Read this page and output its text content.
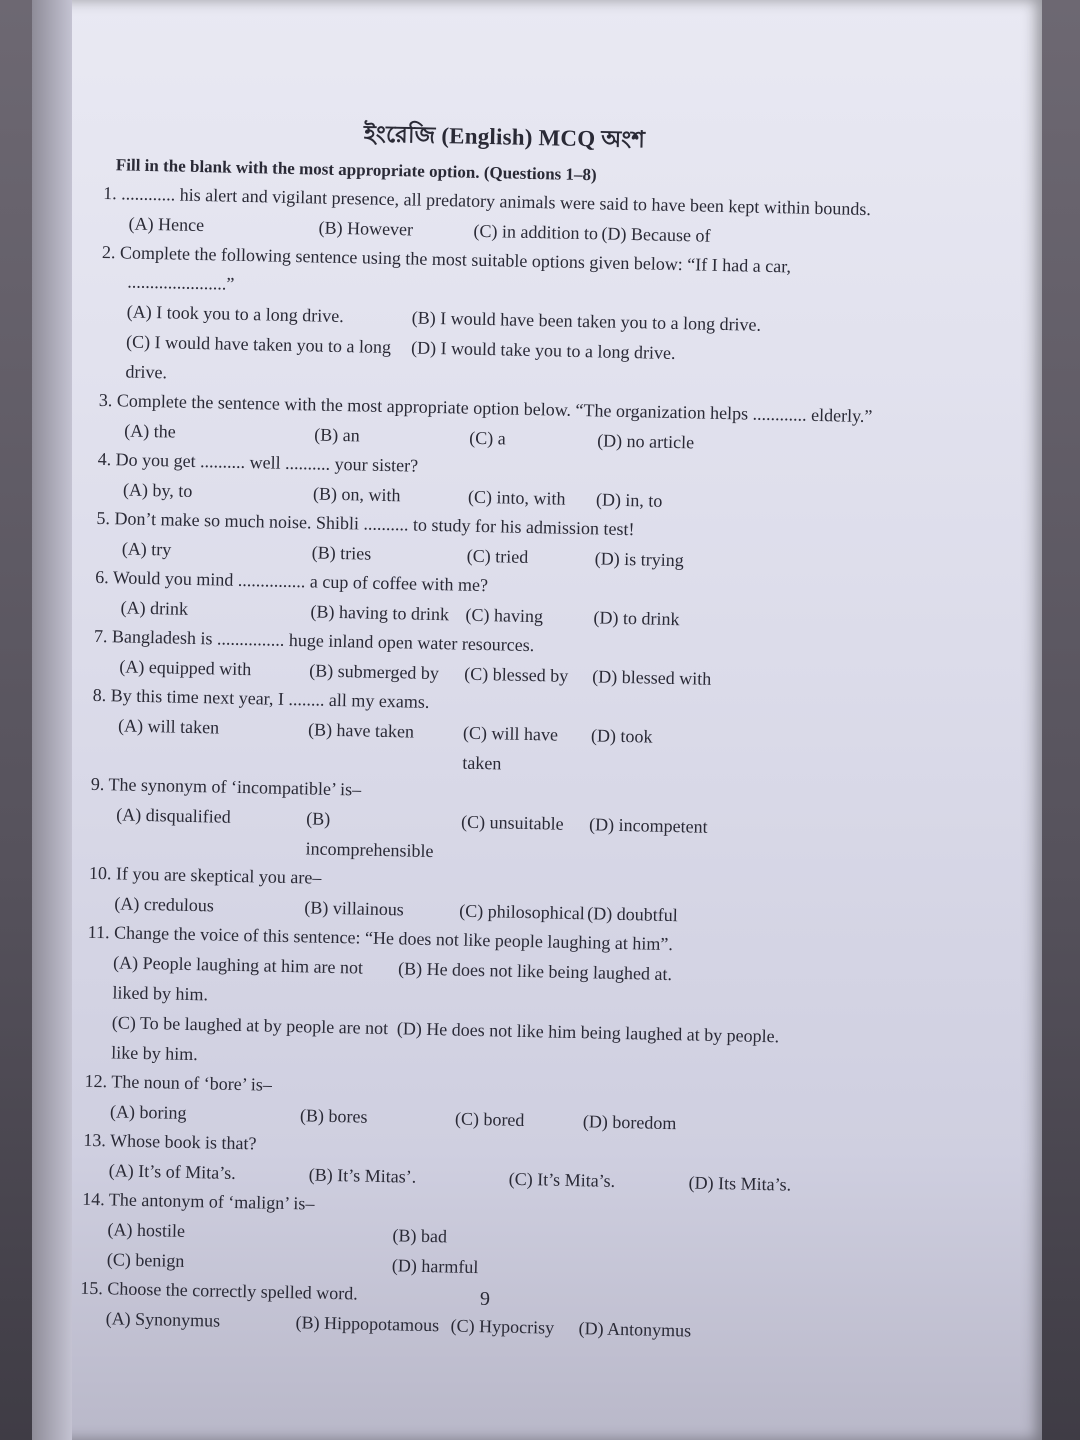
ইংরেজি (English) MCQ অংশ

Fill in the blank with the most appropriate option. (Questions 1–8)

1. ............ his alert and vigilant presence, all predatory animals were said to have been kept within bounds.
(A) Hence	(B) However	(C) in addition to (D) Because of
2. Complete the following sentence using the most suitable options given below: “If I had a car, ......................”
(A) I took you to a long drive.	(B) I would have been taken you to a long drive.
(C) I would have taken you to a long drive.
(D) I would take you to a long drive.
3. Complete the sentence with the most appropriate option below. “The organization helps ............ elderly.”
(A) the	(B) an	(C) a	(D) no article
4. Do you get .......... well .......... your sister?
(A) by, to	(B) on, with	(C) into, with	(D) in, to
5. Don’t make so much noise. Shibli .......... to study for his admission test!
(A) try	(B) tries	(C) tried	(D) is trying
6. Would you mind ............... a cup of coffee with me?
(A) drink	(B) having to drink (C) having	(D) to drink
7. Bangladesh is ............... huge inland open water resources.
(A) equipped with	(B) submerged by	(C) blessed by	(D) blessed with
8. By this time next year, I ........ all my exams.
(A) will taken	(B) have taken	(C) will have taken
(D) took
9. The synonym of ‘incompatible’ is–
(A) disqualified	(B) incomprehensible
(C) unsuitable	(D) incompetent
10. If you are skeptical you are–
(A) credulous	(B) villainous	(C) philosophical (D) doubtful
11. Change the voice of this sentence: “He does not like people laughing at him”.
(A) People laughing at him are not liked by him.
(B) He does not like being laughed at.
(C) To be laughed at by people are not like by him.
(D) He does not like him being laughed at by people.
12. The noun of ‘bore’ is–
(A) boring	(B) bores	(C) bored	(D) boredom
13. Whose book is that?
(A) It’s of Mita’s.	(B) It’s Mitas’.	(C) It’s Mita’s.	(D) Its Mita’s.
14. The antonym of ‘malign’ is–
(A) hostile	(B) bad
(C) benign	(D) harmful
15. Choose the correctly spelled word.
(A) Synonymus	(B) Hippopotamous (C) Hypocrisy	(D) Antonymus
9
